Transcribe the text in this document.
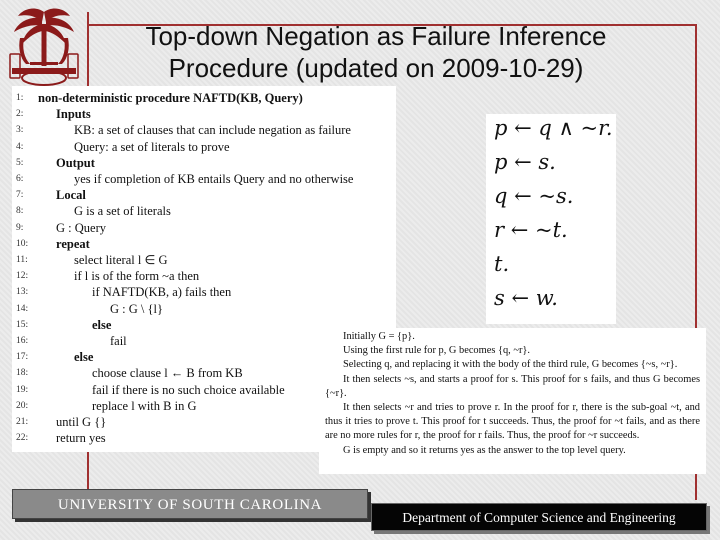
Top-down Negation as Failure Inference
Procedure (updated on 2009-10-29)
1:	non-deterministic procedure NAFTD(KB, Query)
2:	Inputs
3:	KB: a set of clauses that can include negation as failure
4:	Query: a set of literals to prove
5:	Output
6:	yes if completion of KB entails Query and no otherwise
7:	Local
8:	G is a set of literals
9:	G : Query
10:	repeat
11:	select literal l ∈ G
12:	if l is of the form ~a then
13:	if NAFTD(KB, a) fails then
14:	G : G \ {l}
15:	else
16:	fail
17:	else
18:	choose clause l ← B from KB
19:	fail if there is no such choice available
20:	replace l with B in G
21:	until G {}
22:	return yes
p ← q ∧ ~r.
p ← s.
q ← ~s.
r ← ~t.
t.
s ← w.

Initially G = {p}.

Using the first rule for p, G becomes {q, ~r}.

Selecting q, and replacing it with the body of the third rule, G becomes {~s, ~r}.

It then selects ~s, and starts a proof for s. This proof for s fails, and thus G becomes {~r}.

It then selects ~r and tries to prove r. In the proof for r, there is the sub-goal ~t, and thus it tries to prove t. This proof for t succeeds. Thus, the proof for ~t fails, and as there are no more rules for r, the proof for r fails. Thus, the proof for ~r succeeds.

G is empty and so it returns yes as the answer to the top level query.

UNIVERSITY OF SOUTH CAROLINA
Department of Computer Science and Engineering
